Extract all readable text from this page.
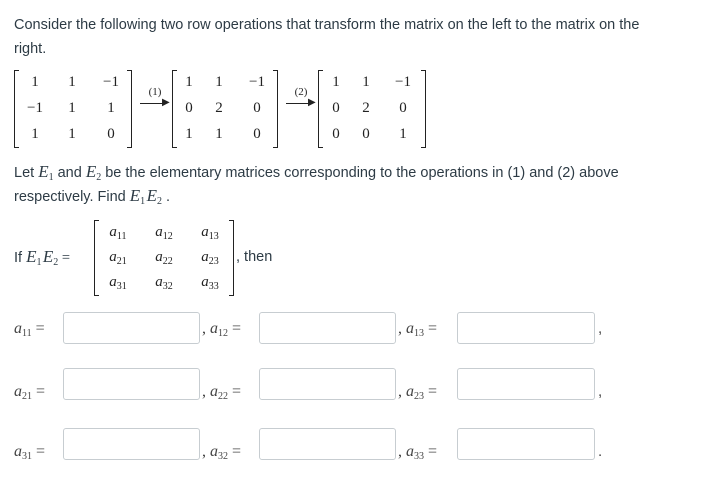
Consider the following two row operations that transform the matrix on the left to the matrix on the
right.
1	1	−1
−1	1	1
1	1	0
(1)
▶
1	1	−1
0	2	0
1	1	0
(2)
▶
1	1	−1
0	2	0
0	0	1
Let $E_1$ and $E_2$ be the elementary matrices corresponding to the operations in (1) and (2) above
respectively. Find $E_1$ $E_2$ .
If $E_1$ $E_2$ =
$a_{11}$	$a_{12}$	$a_{13}$
$a_{21}$	$a_{22}$	$a_{23}$
$a_{31}$	$a_{32}$	$a_{33}$
, then
$a_{11}$ =	, $a_{12}$ =	, $a_{13}$ =	,
$a_{21}$ =	, $a_{22}$ =	, $a_{23}$ =	,
$a_{31}$ =	, $a_{32}$ =	, $a_{33}$ =	.
